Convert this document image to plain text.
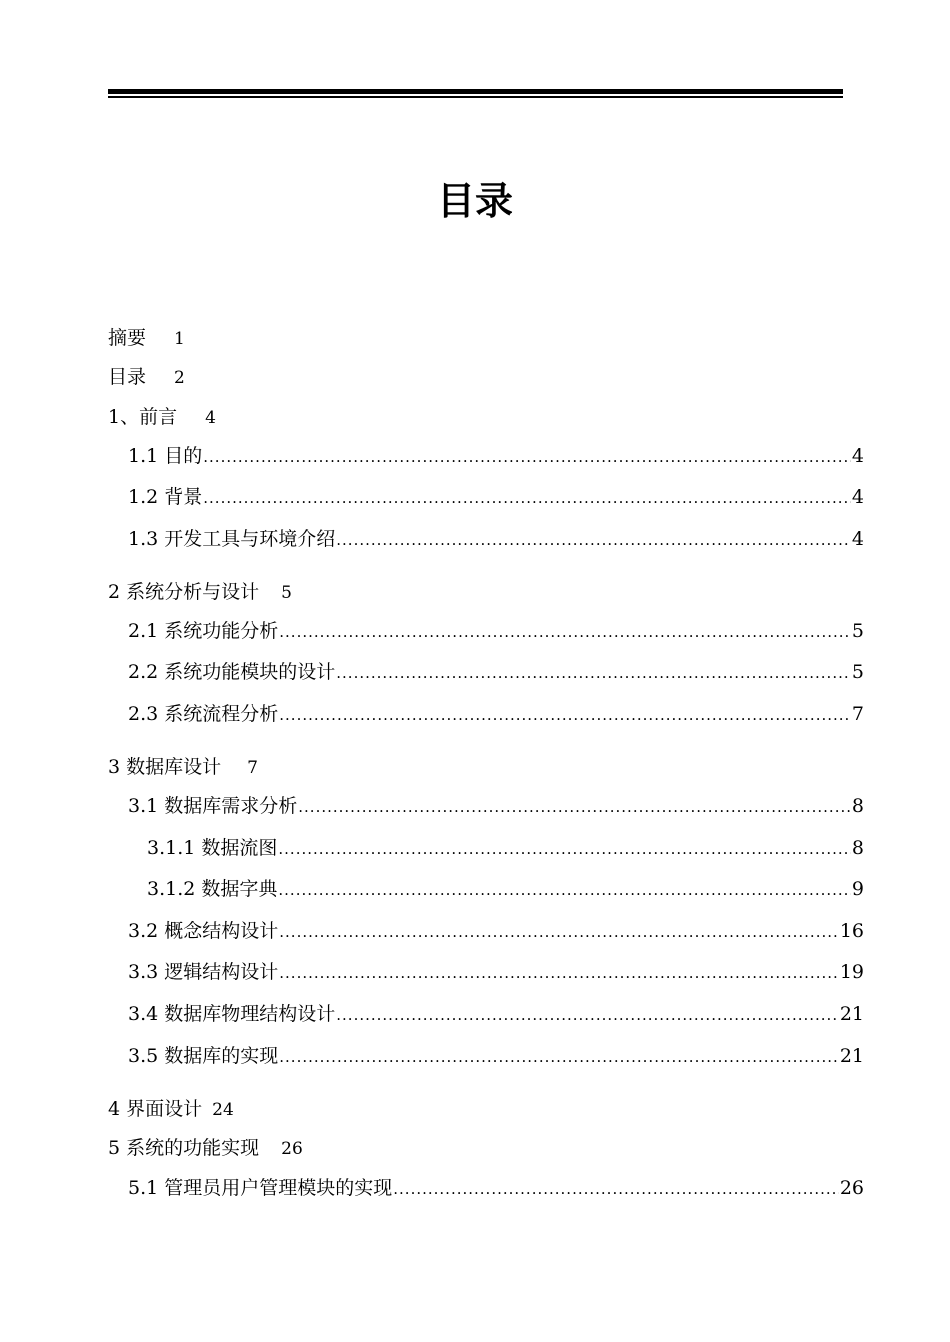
目录
摘要 1
目录 2
1、前言 4
1.1 目的 .....	4
1.2 背景 .....	4
1.3 开发工具与环境介绍 .....	4
2 系统分析与设计 5
2.1 系统功能分析 .....	5
2.2 系统功能模块的设计 .....	5
2.3 系统流程分析 .....	7
3 数据库设计 7
3.1 数据库需求分析 .....	8
3.1.1 数据流图 .....	8
3.1.2 数据字典 .....	9
3.2 概念结构设计 .....	16
3.3 逻辑结构设计 .....	19
3.4 数据库物理结构设计 .....	21
3.5 数据库的实现 .....	21
4 界面设计 24
5 系统的功能实现 26
5.1 管理员用户管理模块的实现 .....	26
